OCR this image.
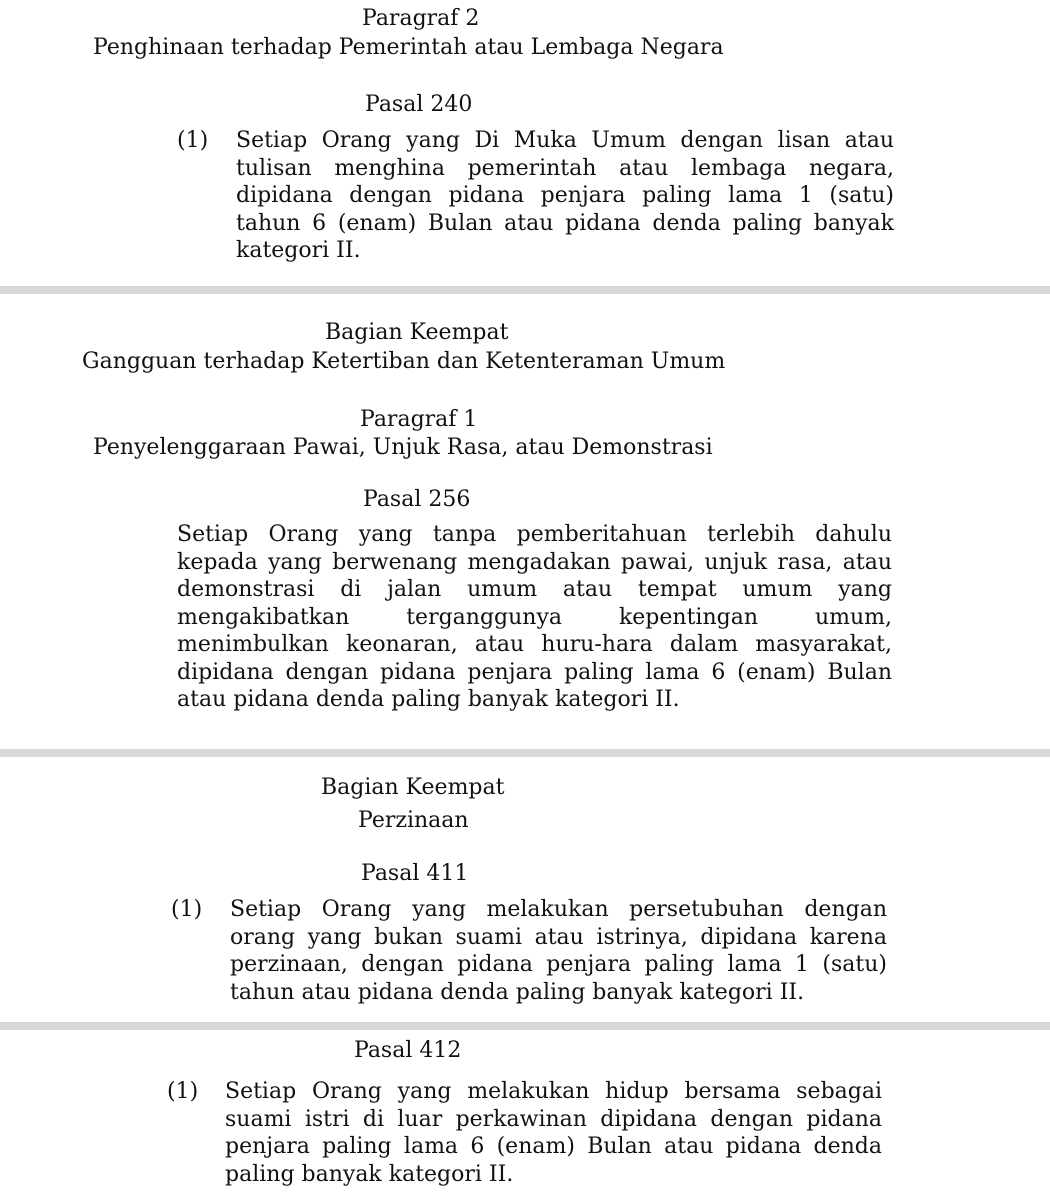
Paragraf 2
Penghinaan terhadap Pemerintah atau Lembaga Negara
Pasal 240
(1) Setiap Orang yang Di Muka Umum dengan lisan atau tulisan menghina pemerintah atau lembaga negara, dipidana dengan pidana penjara paling lama 1 (satu) tahun 6 (enam) Bulan atau pidana denda paling banyak kategori II.
Bagian Keempat
Gangguan terhadap Ketertiban dan Ketenteraman Umum
Paragraf 1
Penyelenggaraan Pawai, Unjuk Rasa, atau Demonstrasi
Pasal 256
Setiap Orang yang tanpa pemberitahuan terlebih dahulu kepada yang berwenang mengadakan pawai, unjuk rasa, atau demonstrasi di jalan umum atau tempat umum yang mengakibatkan terganggunya kepentingan umum, menimbulkan keonaran, atau huru-hara dalam masyarakat, dipidana dengan pidana penjara paling lama 6 (enam) Bulan atau pidana denda paling banyak kategori II.
Bagian Keempat
Perzinaan
Pasal 411
(1) Setiap Orang yang melakukan persetubuhan dengan orang yang bukan suami atau istrinya, dipidana karena perzinaan, dengan pidana penjara paling lama 1 (satu) tahun atau pidana denda paling banyak kategori II.
Pasal 412
(1) Setiap Orang yang melakukan hidup bersama sebagai suami istri di luar perkawinan dipidana dengan pidana penjara paling lama 6 (enam) Bulan atau pidana denda paling banyak kategori II.
